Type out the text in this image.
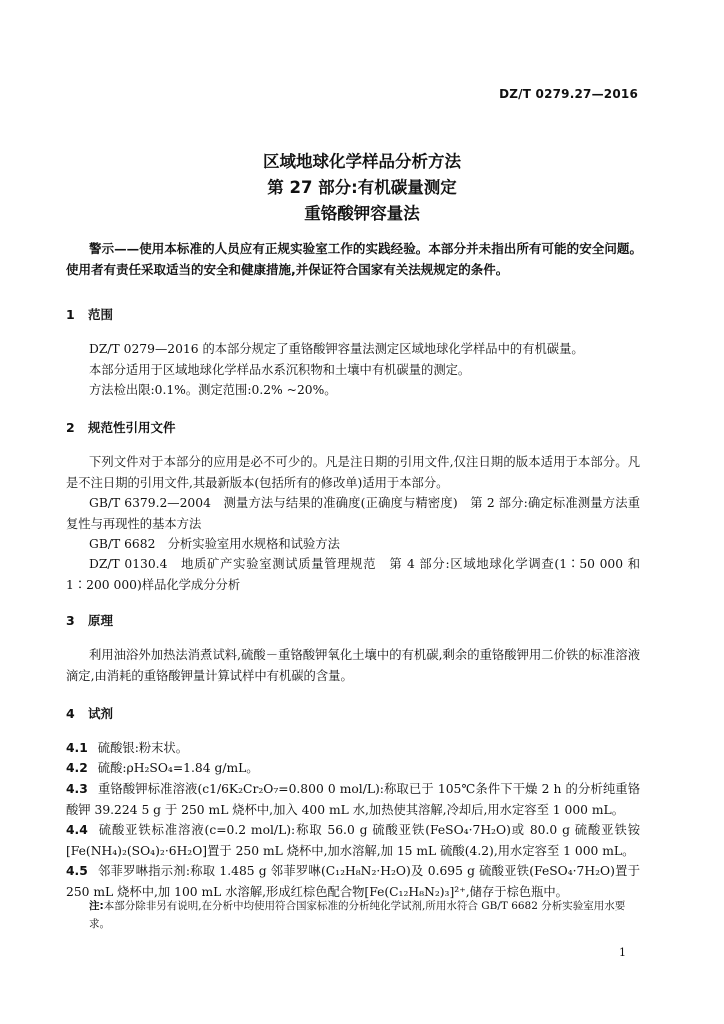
DZ/T 0279.27—2016
区域地球化学样品分析方法
第 27 部分:有机碳量测定
重铬酸钾容量法
警示——使用本标准的人员应有正规实验室工作的实践经验。本部分并未指出所有可能的安全问题。使用者有责任采取适当的安全和健康措施,并保证符合国家有关法规规定的条件。
1 范围
DZ/T 0279—2016 的本部分规定了重铬酸钾容量法测定区域地球化学样品中的有机碳量。
本部分适用于区域地球化学样品水系沉积物和土壤中有机碳量的测定。
方法检出限:0.1%。测定范围:0.2% ~20%。
2 规范性引用文件
下列文件对于本部分的应用是必不可少的。凡是注日期的引用文件,仅注日期的版本适用于本部分。凡是不注日期的引用文件,其最新版本(包括所有的修改单)适用于本部分。
GB/T 6379.2—2004　测量方法与结果的准确度(正确度与精密度)　第 2 部分:确定标准测量方法重复性与再现性的基本方法
GB/T 6682　分析实验室用水规格和试验方法
DZ/T 0130.4　地质矿产实验室测试质量管理规范　第 4 部分:区域地球化学调查(1∶50 000 和 1∶200 000)样品化学成分分析
3 原理
利用油浴外加热法消煮试料,硫酸－重铬酸钾氧化土壤中的有机碳,剩余的重铬酸钾用二价铁的标准溶液滴定,由消耗的重铬酸钾量计算试样中有机碳的含量。
4 试剂
4.1 硫酸银:粉末状。
4.2 硫酸:ρH₂SO₄=1.84 g/mL。
4.3 重铬酸钾标准溶液(c1/6K₂Cr₂O₇=0.800 0 mol/L):称取已于 105℃条件下干燥 2 h 的分析纯重铬酸钾 39.224 5 g 于 250 mL 烧杯中,加入 400 mL 水,加热使其溶解,冷却后,用水定容至 1 000 mL。
4.4 硫酸亚铁标准溶液(c=0.2 mol/L):称取 56.0 g 硫酸亚铁(FeSO₄·7H₂O)或 80.0 g 硫酸亚铁铵[Fe(NH₄)₂(SO₄)₂·6H₂O]置于 250 mL 烧杯中,加水溶解,加 15 mL 硫酸(4.2),用水定容至 1 000 mL。
4.5 邻菲罗啉指示剂:称取 1.485 g 邻菲罗啉(C₁₂H₈N₂·H₂O)及 0.695 g 硫酸亚铁(FeSO₄·7H₂O)置于 250 mL 烧杯中,加 100 mL 水溶解,形成红棕色配合物[Fe(C₁₂H₈N₂)₃]²⁺,储存于棕色瓶中。
注:本部分除非另有说明,在分析中均使用符合国家标准的分析纯化学试剂,所用水符合 GB/T 6682 分析实验室用水要求。
1
